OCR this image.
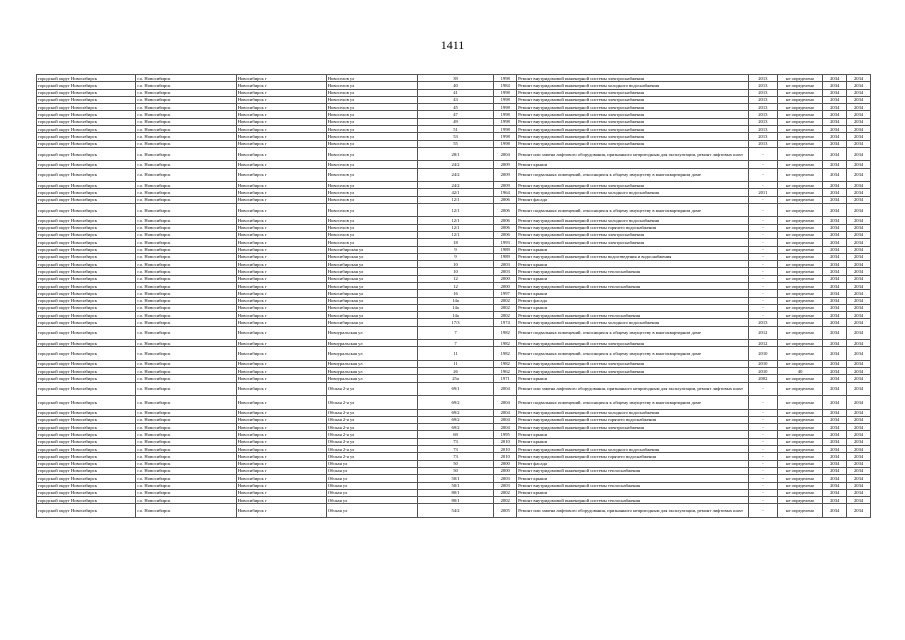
1411
городской округ Новосибирск	г.о. Новосибирск	Новосибирск г	Новоселов ул	39	1998	Ремонт внутридомовой инженерной системы электроснабжения	2013	не определено	2034	2034
городской округ Новосибирск	г.о. Новосибирск	Новосибирск г	Новоселов ул	40	1984	Ремонт внутридомовой инженерной системы холодного водоснабжения	2013	не определено	2034	2034
городской округ Новосибирск	г.о. Новосибирск	Новосибирск г	Новоселов ул	41	1998	Ремонт внутридомовой инженерной системы электроснабжения	2013	не определено	2034	2034
городской округ Новосибирск	г.о. Новосибирск	Новосибирск г	Новоселов ул	43	1998	Ремонт внутридомовой инженерной системы электроснабжения	2013	не определено	2034	2034
городской округ Новосибирск	г.о. Новосибирск	Новосибирск г	Новоселов ул	45	1998	Ремонт внутридомовой инженерной системы электроснабжения	2013	не определено	2034	2034
городской округ Новосибирск	г.о. Новосибирск	Новосибирск г	Новоселов ул	47	1998	Ремонт внутридомовой инженерной системы электроснабжения	2013	не определено	2034	2034
городской округ Новосибирск	г.о. Новосибирск	Новосибирск г	Новоселов ул	49	1998	Ремонт внутридомовой инженерной системы электроснабжения	2013	не определено	2034	2034
городской округ Новосибирск	г.о. Новосибирск	Новосибирск г	Новоселов ул	51	1998	Ремонт внутридомовой инженерной системы электроснабжения	2013	не определено	2034	2034
городской округ Новосибирск	г.о. Новосибирск	Новосибирск г	Новоселов ул	53	1998	Ремонт внутридомовой инженерной системы электроснабжения	2013	не определено	2034	2034
городской округ Новосибирск	г.о. Новосибирск	Новосибирск г	Новоселов ул	55	1998	Ремонт внутридомовой инженерной системы электроснабжения	2013	не определено	2034	2034
городской округ Новосибирск	г.о. Новосибирск	Новосибирск г	Новоселов ул	28/1	2004	Ремонт или замена лифтового оборудования, признанного непригодным для эксплуатации, ремонт лифтовых шахт	-	не определено	2034	2034
городской округ Новосибирск	г.о. Новосибирск	Новосибирск г	Новоселов ул	24/2	2009	Ремонт крыши	-	не определено	2034	2034
городской округ Новосибирск	г.о. Новосибирск	Новосибирск г	Новоселов ул	24/2	2009	Ремонт подвальных помещений, относящихся к общему имуществу в многоквартирном доме	-	не определено	2034	2034
городской округ Новосибирск	г.о. Новосибирск	Новосибирск г	Новоселов ул	24/2	2009	Ремонт внутридомовой инженерной системы электроснабжения	-	не определено	2034	2034
городской округ Новосибирск	г.о. Новосибирск	Новосибирск г	Новоселов ул	42/1	1964	Ремонт внутридомовой инженерной системы холодного водоснабжения	2011	не определено	2034	2034
городской округ Новосибирск	г.о. Новосибирск	Новосибирск г	Новоселов ул	12/1	2006	Ремонт фасада	-	не определено	2034	2034
городской округ Новосибирск	г.о. Новосибирск	Новосибирск г	Новоселов ул	12/1	2006	Ремонт подвальных помещений, относящихся к общему имуществу в многоквартирном доме	-	не определено	2034	2034
городской округ Новосибирск	г.о. Новосибирск	Новосибирск г	Новоселов ул	12/1	2006	Ремонт внутридомовой инженерной системы холодного водоснабжения	-	не определено	2034	2034
городской округ Новосибирск	г.о. Новосибирск	Новосибирск г	Новоселов ул	12/1	2006	Ремонт внутридомовой инженерной системы горячего водоснабжения	-	не определено	2034	2034
городской округ Новосибирск	г.о. Новосибирск	Новосибирск г	Новоселов ул	12/1	2006	Ремонт внутридомовой инженерной системы электроснабжения	-	не определено	2034	2034
городской округ Новосибирск	г.о. Новосибирск	Новосибирск г	Новоселов ул	18	1993	Ремонт внутридомовой инженерной системы электроснабжения	-	не определено	2034	2034
городской округ Новосибирск	г.о. Новосибирск	Новосибирск г	Новосибирская ул	9	1989	Ремонт крыши	-	не определено	2034	2034
городской округ Новосибирск	г.о. Новосибирск	Новосибирск г	Новосибирская ул	9	1989	Ремонт внутридомовой инженерной системы водоотведения и водоснабжения	-	не определено	2034	2034
городской округ Новосибирск	г.о. Новосибирск	Новосибирск г	Новосибирская ул	10	2003	Ремонт крыши	-	не определено	2034	2034
городской округ Новосибирск	г.о. Новосибирск	Новосибирск г	Новосибирская ул	10	2003	Ремонт внутридомовой инженерной системы теплоснабжения	-	не определено	2034	2034
городской округ Новосибирск	г.о. Новосибирск	Новосибирск г	Новосибирская ул	12	2000	Ремонт крыши	-	не определено	2034	2034
городской округ Новосибирск	г.о. Новосибирск	Новосибирск г	Новосибирская ул	12	2000	Ремонт внутридомовой инженерной системы теплоснабжения	-	не определено	2034	2034
городской округ Новосибирск	г.о. Новосибирск	Новосибирск г	Новосибирская ул	16	1997	Ремонт крыши	-	не определено	2034	2034
городской округ Новосибирск	г.о. Новосибирск	Новосибирск г	Новосибирская ул	14а	2002	Ремонт фасада	-	не определено	2034	2034
городской округ Новосибирск	г.о. Новосибирск	Новосибирск г	Новосибирская ул	14а	2002	Ремонт крыши	-	не определено	2034	2034
городской округ Новосибирск	г.о. Новосибирск	Новосибирск г	Новосибирская ул	14а	2002	Ремонт внутридомовой инженерной системы теплоснабжения	-	не определено	2034	2034
городской округ Новосибирск	г.о. Новосибирск	Новосибирск г	Новосибирская ул	17/3	1974	Ремонт внутридомовой инженерной системы холодного водоснабжения	2013	не определено	2034	2034
городской округ Новосибирск	г.о. Новосибирск	Новосибирск г	Новоуральская ул	7	1982	Ремонт подвальных помещений, относящихся к общему имуществу в многоквартирном доме	2012	не определено	2034	2034
городской округ Новосибирск	г.о. Новосибирск	Новосибирск г	Новоуральская ул	7	1982	Ремонт внутридомовой инженерной системы электроснабжения	2012	не определено	2034	2034
городской округ Новосибирск	г.о. Новосибирск	Новосибирск г	Новоуральская ул	11	1982	Ремонт подвальных помещений, относящихся к общему имуществу в многоквартирном доме	2010	не определено	2034	2034
городской округ Новосибирск	г.о. Новосибирск	Новосибирск г	Новоуральская ул	11	1982	Ремонт внутридомовой инженерной системы электроснабжения	2010	не определено	2034	2034
городской округ Новосибирск	г.о. Новосибирск	Новосибирск г	Новоуральская ул	26	1962	Ремонт внутридомовой инженерной системы электроснабжения	2010	40	2034	2034
городской округ Новосибирск	г.о. Новосибирск	Новосибирск г	Новоуральская ул	25а	1971	Ремонт крыши	2002	не определено	2034	2034
городской округ Новосибирск	г.о. Новосибирск	Новосибирск г	Обская 2-я ул	69/1	2004	Ремонт или замена лифтового оборудования, признанного непригодным для эксплуатации, ремонт лифтовых шахт	-	не определено	2034	2034
городской округ Новосибирск	г.о. Новосибирск	Новосибирск г	Обская 2-я ул	69/2	2004	Ремонт подвальных помещений, относящихся к общему имуществу в многоквартирном доме	-	не определено	2034	2034
городской округ Новосибирск	г.о. Новосибирск	Новосибирск г	Обская 2-я ул	69/2	2004	Ремонт внутридомовой инженерной системы холодного водоснабжения	-	не определено	2034	2034
городской округ Новосибирск	г.о. Новосибирск	Новосибирск г	Обская 2-я ул	69/2	2004	Ремонт внутридомовой инженерной системы горячего водоснабжения	-	не определено	2034	2034
городской округ Новосибирск	г.о. Новосибирск	Новосибирск г	Обская 2-я ул	69/2	2004	Ремонт внутридомовой инженерной системы электроснабжения	-	не определено	2034	2034
городской округ Новосибирск	г.о. Новосибирск	Новосибирск г	Обская 2-я ул	69	1995	Ремонт крыши	-	не определено	2034	2034
городской округ Новосибирск	г.о. Новосибирск	Новосибирск г	Обская 2-я ул	73	2010	Ремонт крыши	-	не определено	2034	2034
городской округ Новосибирск	г.о. Новосибирск	Новосибирск г	Обская 2-я ул	73	2010	Ремонт внутридомовой инженерной системы холодного водоснабжения	-	не определено	2034	2034
городской округ Новосибирск	г.о. Новосибирск	Новосибирск г	Обская 2-я ул	73	2010	Ремонт внутридомовой инженерной системы горячего водоснабжения	-	не определено	2034	2034
городской округ Новосибирск	г.о. Новосибирск	Новосибирск г	Обская ул	50	2000	Ремонт фасада	-	не определено	2034	2034
городской округ Новосибирск	г.о. Новосибирск	Новосибирск г	Обская ул	50	2000	Ремонт внутридомовой инженерной системы теплоснабжения	-	не определено	2034	2034
городской округ Новосибирск	г.о. Новосибирск	Новосибирск г	Обская ул	50/1	2003	Ремонт крыши	-	не определено	2034	2034
городской округ Новосибирск	г.о. Новосибирск	Новосибирск г	Обская ул	50/1	2003	Ремонт внутридомовой инженерной системы теплоснабжения	-	не определено	2034	2034
городской округ Новосибирск	г.о. Новосибирск	Новосибирск г	Обская ул	80/1	2002	Ремонт крыши	-	не определено	2034	2034
городской округ Новосибирск	г.о. Новосибирск	Новосибирск г	Обская ул	80/1	2002	Ремонт внутридомовой инженерной системы теплоснабжения	-	не определено	2034	2034
городской округ Новосибирск	г.о. Новосибирск	Новосибирск г	Обская ул	54/2	2005	Ремонт или замена лифтового оборудования, признанного непригодным для эксплуатации, ремонт лифтовых шахт	-	не определено	2034	2034
